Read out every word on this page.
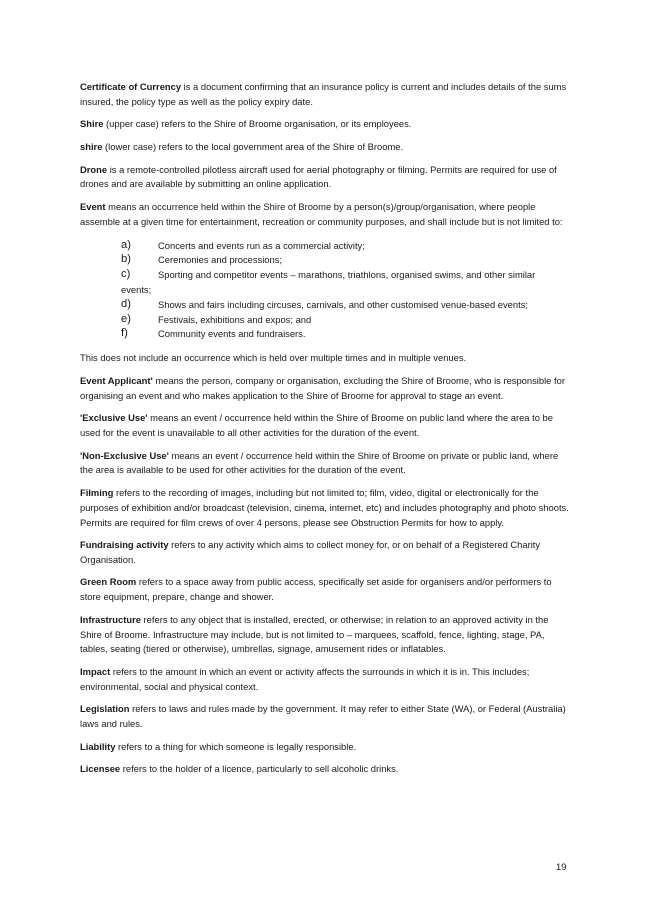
Certificate of Currency is a document confirming that an insurance policy is current and includes details of the sums insured, the policy type as well as the policy expiry date.

Shire (upper case) refers to the Shire of Broome organisation, or its employees.

shire (lower case) refers to the local government area of the Shire of Broome.

Drone is a remote-controlled pilotless aircraft used for aerial photography or filming. Permits are required for use of drones and are available by submitting an online application.

Event means an occurrence held within the Shire of Broome by a person(s)/group/organisation, where people assemble at a given time for entertainment, recreation or community purposes, and shall include but is not limited to:

a)	Concerts and events run as a commercial activity;
b)	Ceremonies and processions;
c)	Sporting and competitor events – marathons, triathlons, organised swims, and other similar
events;
d)	Shows and fairs including circuses, carnivals, and other customised venue-based events;
e)	Festivals, exhibitions and expos; and
f)	Community events and fundraisers.

This does not include an occurrence which is held over multiple times and in multiple venues.

Event Applicant' means the person, company or organisation, excluding the Shire of Broome, who is responsible for organising an event and who makes application to the Shire of Broome for approval to stage an event.

'Exclusive Use' means an event / occurrence held within the Shire of Broome on public land where the area to be used for the event is unavailable to all other activities for the duration of the event.

'Non-Exclusive Use' means an event / occurrence held within the Shire of Broome on private or public land, where the area is available to be used for other activities for the duration of the event.

Filming refers to the recording of images, including but not limited to; film, video, digital or electronically for the purposes of exhibition and/or broadcast (television, cinema, internet, etc) and includes photography and photo shoots. Permits are required for film crews of over 4 persons, please see Obstruction Permits for how to apply.

Fundraising activity refers to any activity which aims to collect money for, or on behalf of a Registered Charity Organisation.

Green Room refers to a space away from public access, specifically set aside for organisers and/or performers to store equipment, prepare, change and shower.

Infrastructure refers to any object that is installed, erected, or otherwise; in relation to an approved activity in the Shire of Broome. Infrastructure may include, but is not limited to – marquees, scaffold, fence, lighting, stage, PA, tables, seating (tiered or otherwise), umbrellas, signage, amusement rides or inflatables.

Impact refers to the amount in which an event or activity affects the surrounds in which it is in. This includes; environmental, social and physical context.

Legislation refers to laws and rules made by the government. It may refer to either State (WA), or Federal (Australia) laws and rules.

Liability refers to a thing for which someone is legally responsible.

Licensee refers to the holder of a licence, particularly to sell alcoholic drinks.

19
